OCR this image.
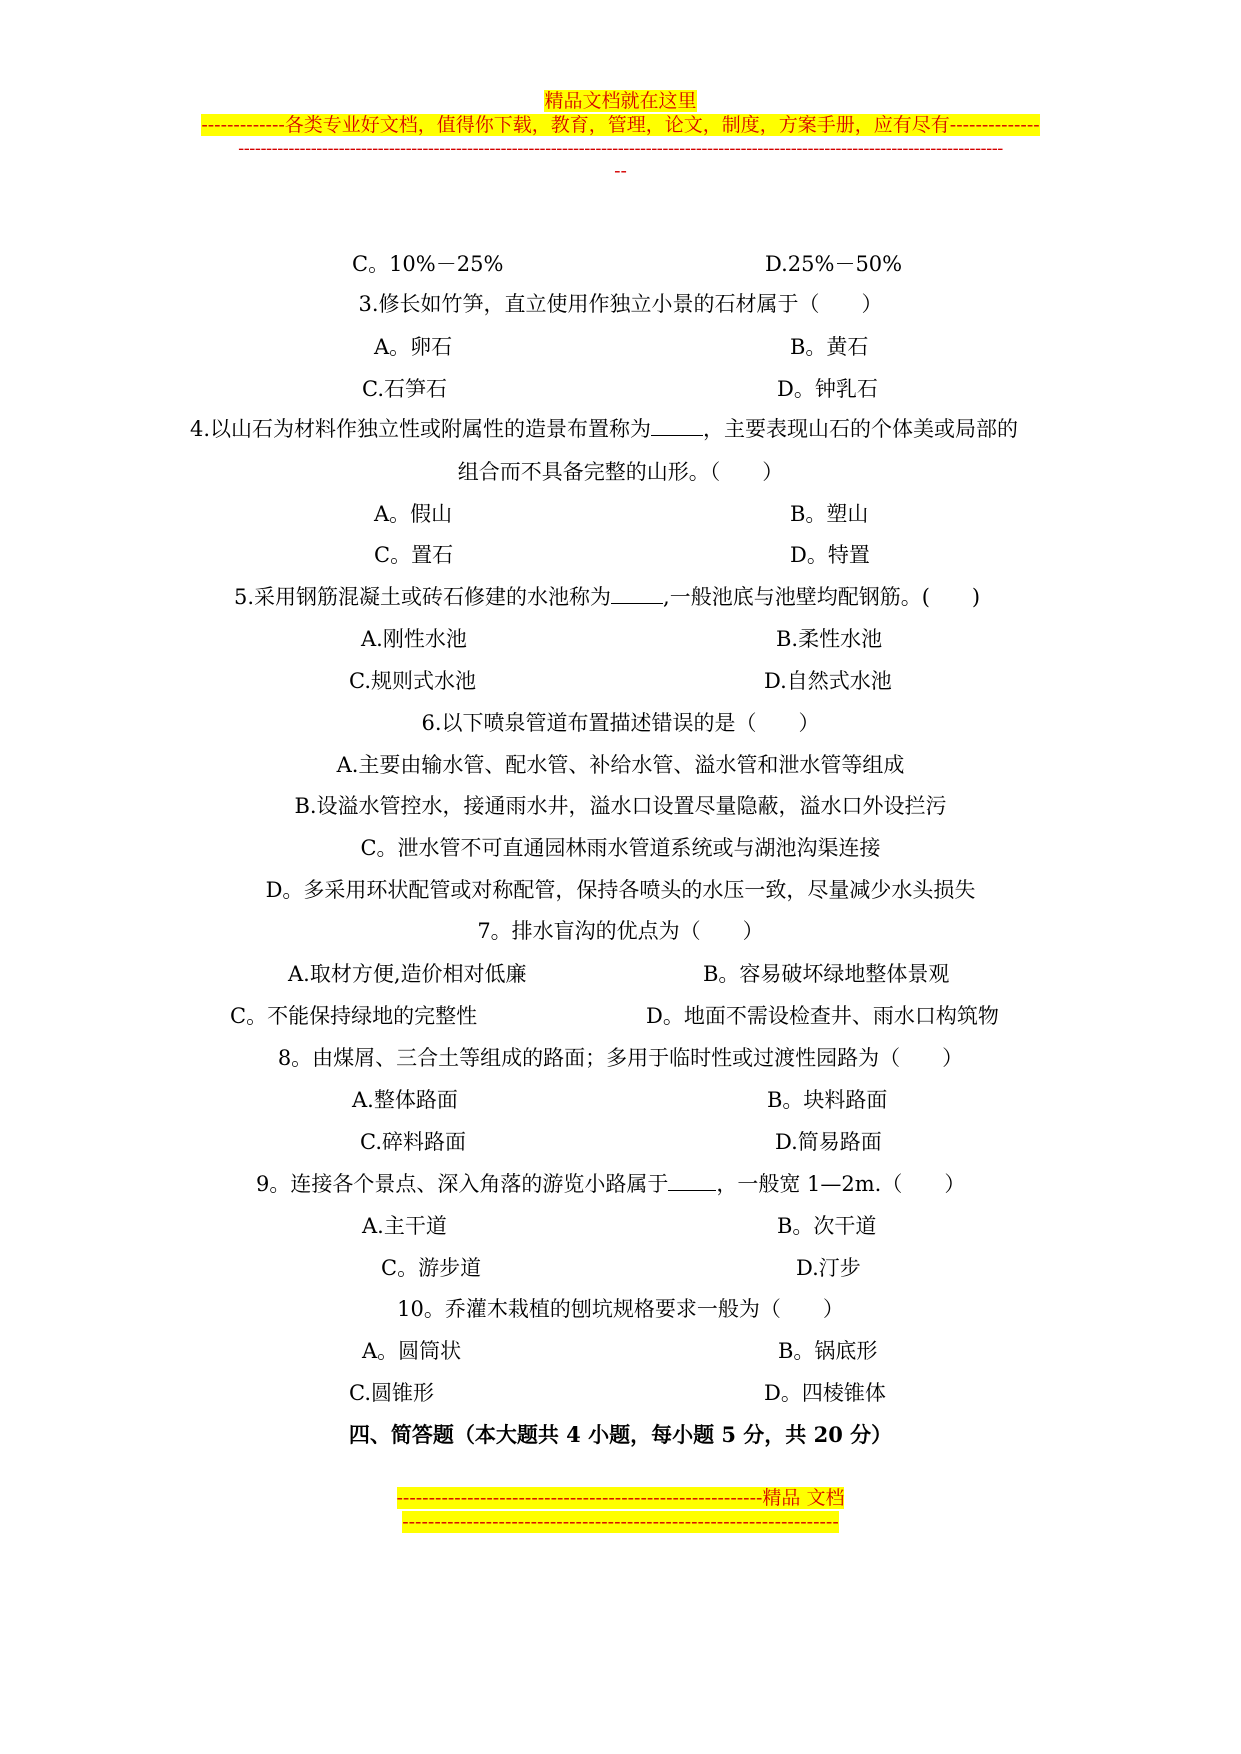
精品文档就在这里
-------------各类专业好文档，值得你下载，教育，管理，论文，制度，方案手册，应有尽有--------------
-----------------------------------------------------------------------------------------------------------------------------------------
--
C。10%－25%	D.25%－50%
3.修长如竹笋，直立使用作独立小景的石材属于（　　）
A。卵石	B。黄石
C.石笋石	D。钟乳石
4.以山石为材料作独立性或附属性的造景布置称为 ，主要表现山石的个体美或局部的
组合而不具备完整的山形。（　　）
A。假山	B。塑山
C。置石	D。特置
5.采用钢筋混凝土或砖石修建的水池称为 ,一般池底与池壁均配钢筋。(　　)
A.刚性水池	B.柔性水池
C.规则式水池	D.自然式水池
6.以下喷泉管道布置描述错误的是（　　）
A.主要由输水管、配水管、补给水管、溢水管和泄水管等组成
B.设溢水管控水，接通雨水井，溢水口设置尽量隐蔽，溢水口外设拦污
C。泄水管不可直通园林雨水管道系统或与湖池沟渠连接
D。多采用环状配管或对称配管，保持各喷头的水压一致，尽量减少水头损失
7。排水盲沟的优点为（　　）
A.取材方便,造价相对低廉	B。容易破坏绿地整体景观
C。不能保持绿地的完整性	D。地面不需设检查井、雨水口构筑物
8。由煤屑、三合土等组成的路面；多用于临时性或过渡性园路为（　　）
A.整体路面	B。块料路面
C.碎料路面	D.简易路面
9。连接各个景点、深入角落的游览小路属于 ，一般宽 1—2m.（　　）
A.主干道	B。次干道
C。游步道	D.汀步
10。乔灌木栽植的刨坑规格要求一般为（　　）
A。圆筒状	B。锅底形
C.圆锥形	D。四棱锥体
四、简答题（本大题共 4 小题，每小题 5 分，共 20 分）
---------------------------------------------------------精品 文档
--------------------------------------------------------------------
